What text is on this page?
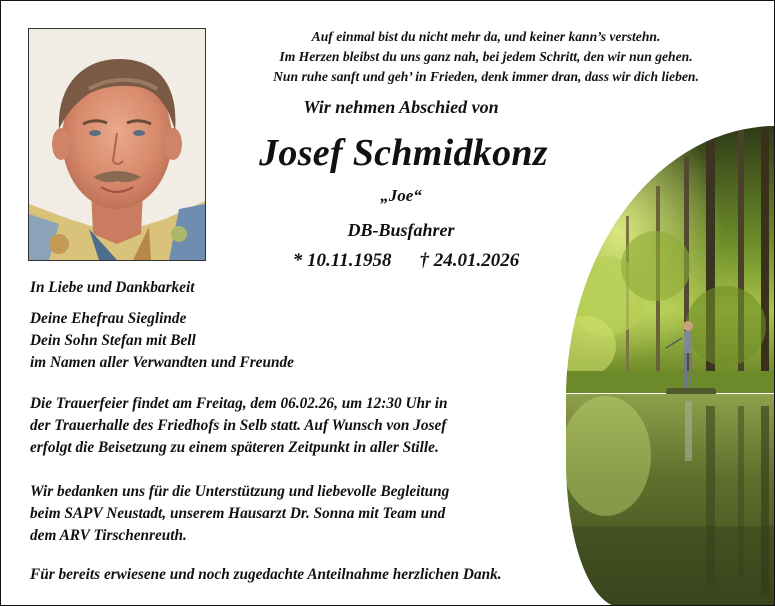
Auf einmal bist du nicht mehr da, und keiner kann’s verstehn.
Im Herzen bleibst du uns ganz nah, bei jedem Schritt, den wir nun gehen.
Nun ruhe sanft und geh’ in Frieden, denk immer dran, dass wir dich lieben.
Wir nehmen Abschied von
Josef Schmidkonz
„Joe“
DB-Busfahrer
* 10.11.1958 † 24.01.2026
In Liebe und Dankbarkeit
Deine Ehefrau Sieglinde
Dein Sohn Stefan mit Bell
im Namen aller Verwandten und Freunde
Die Trauerfeier findet am Freitag, dem 06.02.26, um 12:30 Uhr in
der Trauerhalle des Friedhofs in Selb statt. Auf Wunsch von Josef
erfolgt die Beisetzung zu einem späteren Zeitpunkt in aller Stille.
Wir bedanken uns für die Unterstützung und liebevolle Begleitung
beim SAPV Neustadt, unserem Hausarzt Dr. Sonna mit Team und
dem ARV Tirschenreuth.
Für bereits erwiesene und noch zugedachte Anteilnahme herzlichen Dank.
